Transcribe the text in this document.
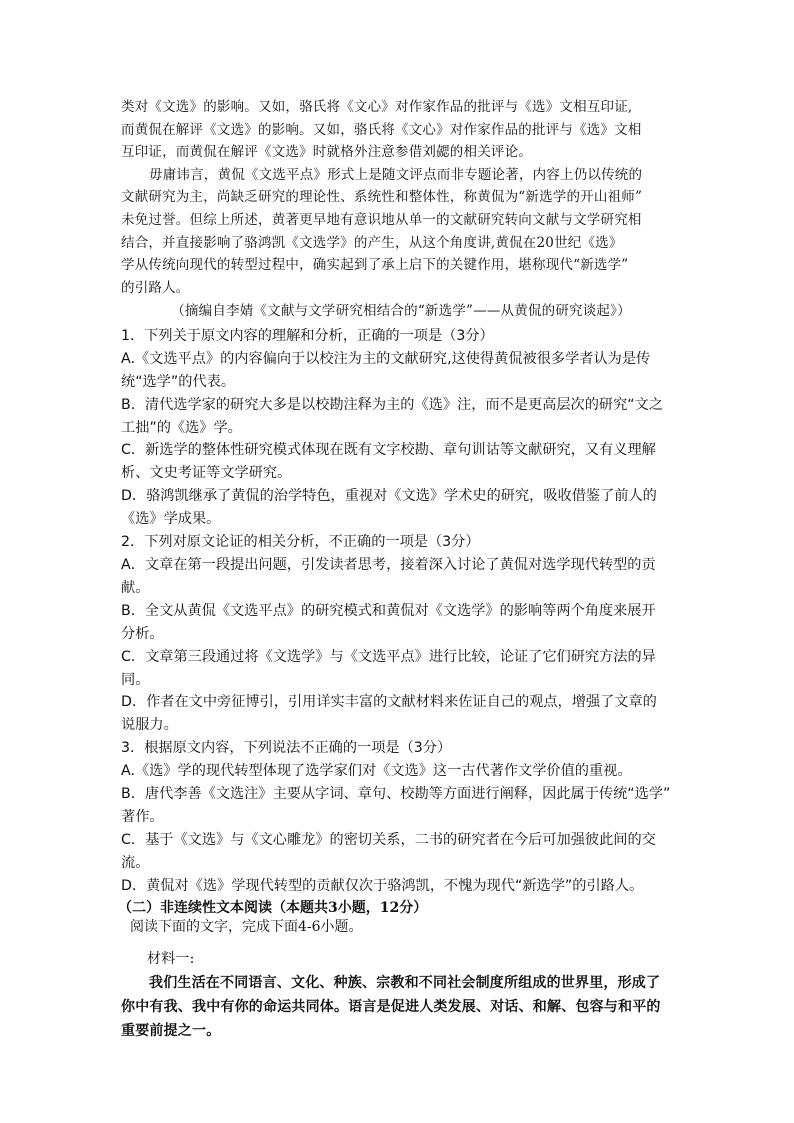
类对《文选》的影响。又如，骆氏将《文心》对作家作品的批评与《选》文相互印证,

而黄侃在解评《文选》的影响。又如，骆氏将《文心》对作家作品的批评与《选》文相

互印证，而黄侃在解评《文选》时就格外注意参借刘勰的相关评论。

毋庸讳言，黄侃《文选平点》形式上是随文评点而非专题论著，内容上仍以传统的

文献研究为主，尚缺乏研究的理论性、系统性和整体性，称黄侃为“新选学的开山祖师”

未免过誉。但综上所述，黄著更早地有意识地从单一的文献研究转向文献与文学研究相

结合，并直接影响了骆鸿凯《文选学》的产生，从这个角度讲,黄侃在20世纪《选》

学从传统向现代的转型过程中，确实起到了承上启下的关键作用，堪称现代“新选学”

的引路人。

（摘编自李婧《文献与文学研究相结合的“新选学”——从黄侃的研究谈起》）

1．下列关于原文内容的理解和分析，正确的一项是（3分）

A.《文选平点》的内容偏向于以校注为主的文献研究,这使得黄侃被很多学者认为是传

统“选学”的代表。

B．清代选学家的研究大多是以校勘注释为主的《选》注，而不是更高层次的研究“文之

工拙”的《选》学。

C．新选学的整体性研究模式体现在既有文字校勘、章句训诂等文献研究，又有义理解

析、文史考证等文学研究。

D．骆鸿凯继承了黄侃的治学特色，重视对《文选》学术史的研究，吸收借鉴了前人的

《选》学成果。

2．下列对原文论证的相关分析，不正确的一项是（3分）

A．文章在第一段提出问题，引发读者思考，接着深入讨论了黄侃对选学现代转型的贡

献。

B．全文从黄侃《文选平点》的研究模式和黄侃对《文选学》的影响等两个角度来展开

分析。

C．文章第三段通过将《文选学》与《文选平点》进行比较，论证了它们研究方法的异

同。

D．作者在文中旁征博引，引用详实丰富的文献材料来佐证自己的观点，增强了文章的

说服力。

3．根据原文内容，下列说法不正确的一项是（3分）

A.《选》学的现代转型体现了选学家们对《文选》这一古代著作文学价值的重视。

B．唐代李善《文选注》主要从字词、章句、校勘等方面进行阐释，因此属于传统“选学”

著作。

C．基于《文选》与《文心雕龙》的密切关系，二书的研究者在今后可加强彼此间的交

流。

D．黄侃对《选》学现代转型的贡献仅次于骆鸿凯，不愧为现代“新选学”的引路人。

（二）非连续性文本阅读（本题共3小题，12分）

阅读下面的文字，完成下面4-6小题。

材料一:

我们生活在不同语言、文化、种族、宗教和不同社会制度所组成的世界里，形成了

你中有我、我中有你的命运共同体。语言是促进人类发展、对话、和解、包容与和平的

重要前提之一。
